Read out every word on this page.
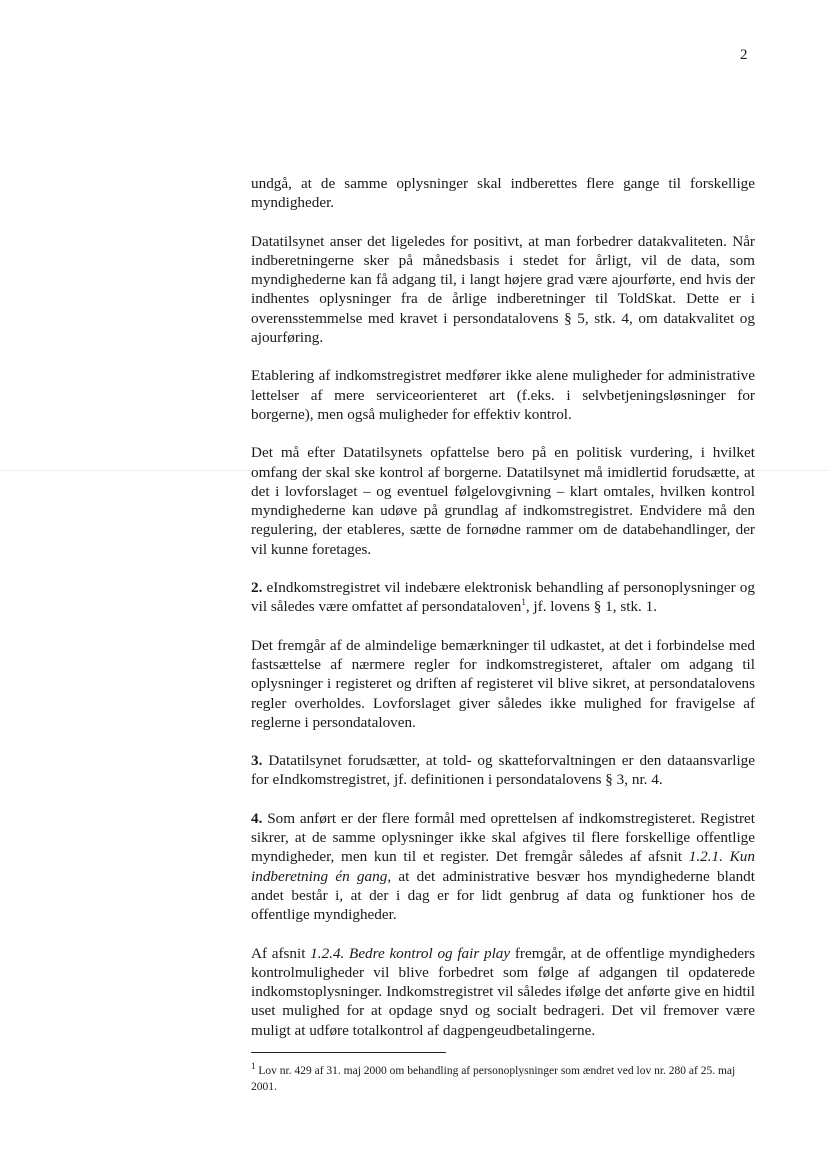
2

undgå, at de samme oplysninger skal indberettes flere gange til forskellige myndigheder.

Datatilsynet anser det ligeledes for positivt, at man forbedrer datakvaliteten. Når indberetningerne sker på månedsbasis i stedet for årligt, vil de data, som myndighederne kan få adgang til, i langt højere grad være ajourførte, end hvis der indhentes oplysninger fra de årlige indberetninger til ToldSkat. Dette er i overensstemmelse med kravet i persondatalovens § 5, stk. 4, om datakvalitet og ajourføring.

Etablering af indkomstregistret medfører ikke alene muligheder for administrative lettelser af mere serviceorienteret art (f.eks. i selvbetjeningsløsninger for borgerne), men også muligheder for effektiv kontrol.

Det må efter Datatilsynets opfattelse bero på en politisk vurdering, i hvilket omfang der skal ske kontrol af borgerne. Datatilsynet må imidlertid forudsætte, at det i lovforslaget – og eventuel følgelovgivning – klart omtales, hvilken kontrol myndighederne kan udøve på grundlag af indkomstregistret. Endvidere må den regulering, der etableres, sætte de fornødne rammer om de databehandlinger, der vil kunne foretages.

2. eIndkomstregistret vil indebære elektronisk behandling af personoplysninger og vil således være omfattet af persondataloven$^1$, jf. lovens § 1, stk. 1.

Det fremgår af de almindelige bemærkninger til udkastet, at det i forbindelse med fastsættelse af nærmere regler for indkomstregisteret, aftaler om adgang til oplysninger i registeret og driften af registeret vil blive sikret, at persondatalovens regler overholdes. Lovforslaget giver således ikke mulighed for fravigelse af reglerne i persondataloven.

3. Datatilsynet forudsætter, at told- og skatteforvaltningen er den dataansvarlige for eIndkomstregistret, jf. definitionen i persondatalovens § 3, nr. 4.

4. Som anført er der flere formål med oprettelsen af indkomstregisteret. Registret sikrer, at de samme oplysninger ikke skal afgives til flere forskellige offentlige myndigheder, men kun til et register. Det fremgår således af afsnit 1.2.1. Kun indberetning én gang, at det administrative besvær hos myndighederne blandt andet består i, at der i dag er for lidt genbrug af data og funktioner hos de offentlige myndigheder.

Af afsnit 1.2.4. Bedre kontrol og fair play fremgår, at de offentlige myndigheders kontrolmuligheder vil blive forbedret som følge af adgangen til opdaterede indkomstoplysninger. Indkomstregistret vil således ifølge det anførte give en hidtil uset mulighed for at opdage snyd og socialt bedrageri. Det vil fremover være muligt at udføre totalkontrol af dagpengeudbetalingerne.

$^1$ Lov nr. 429 af 31. maj 2000 om behandling af personoplysninger som ændret ved lov nr. 280 af 25. maj 2001.
